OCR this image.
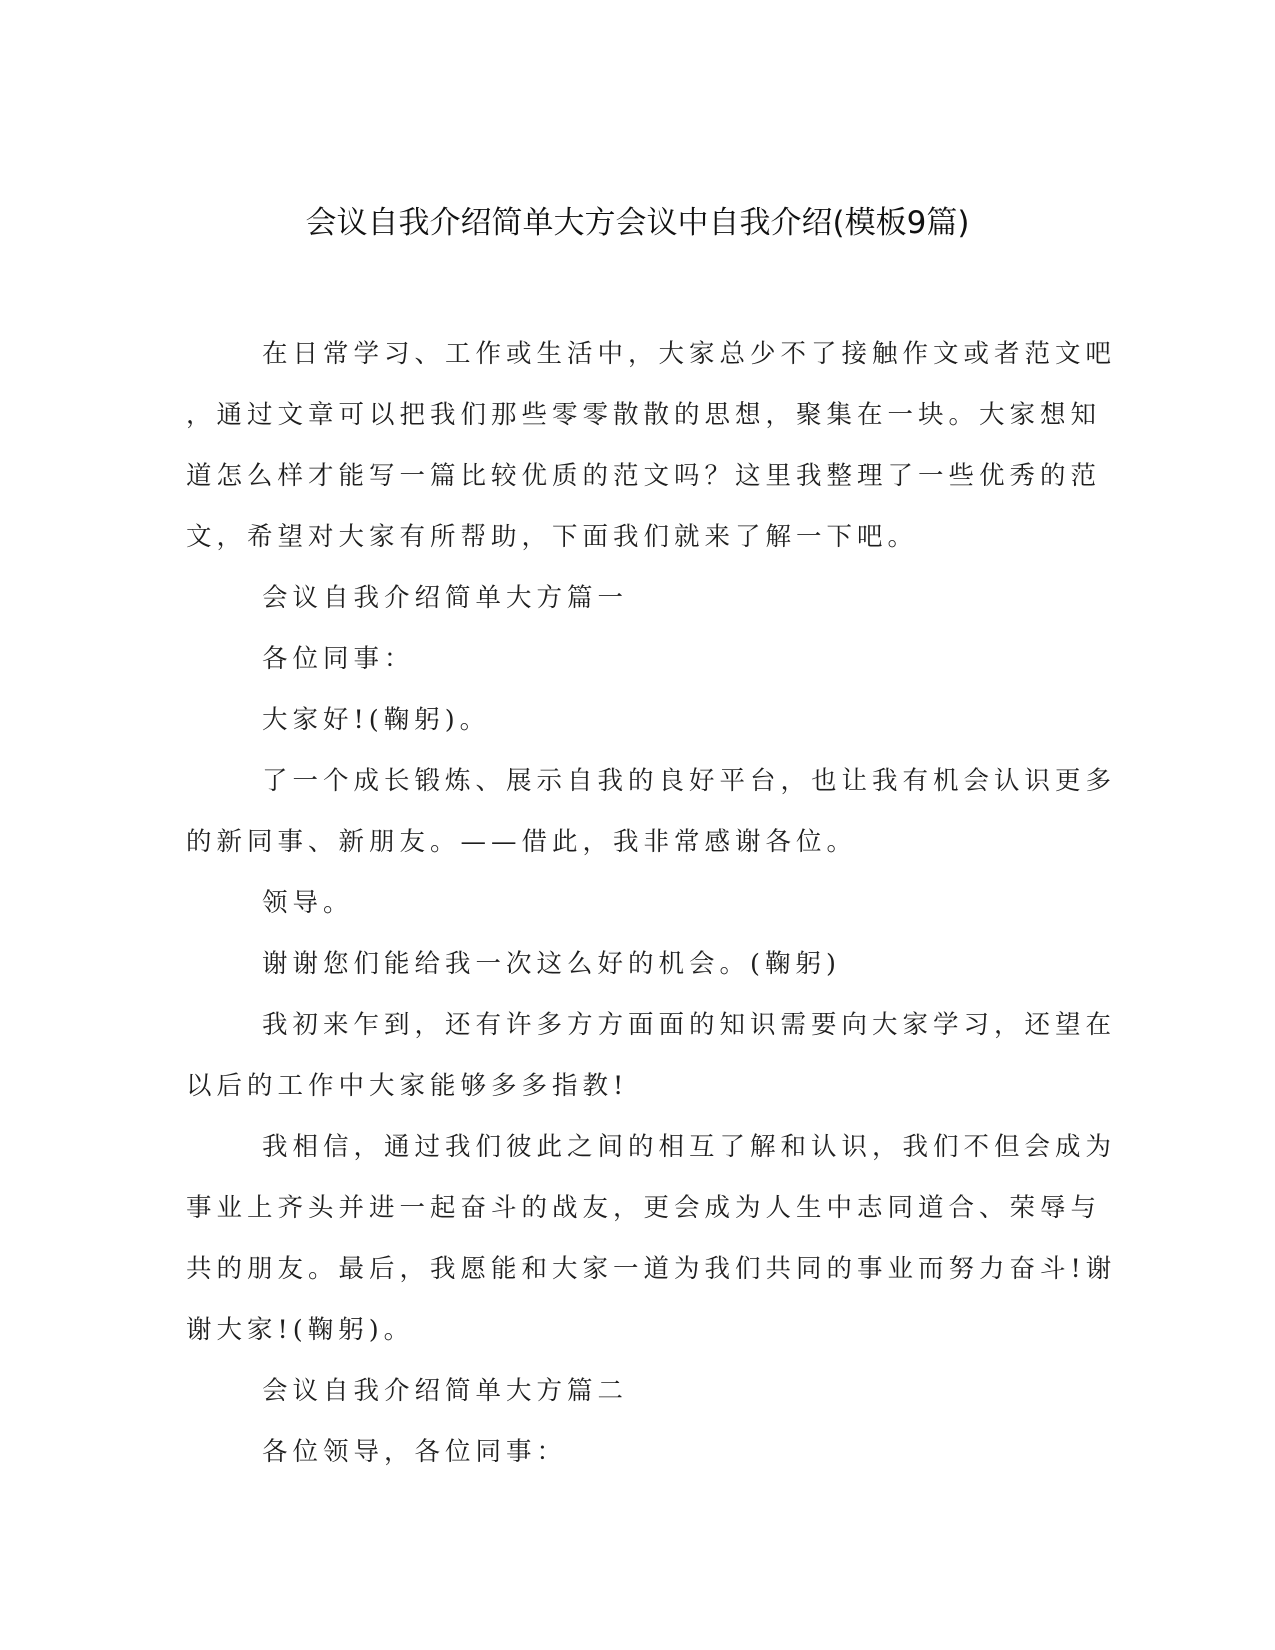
会议自我介绍简单大方会议中自我介绍(模板9篇)
在日常学习、工作或生活中，大家总少不了接触作文或者范文吧
，通过文章可以把我们那些零零散散的思想，聚集在一块。大家想知
道怎么样才能写一篇比较优质的范文吗？这里我整理了一些优秀的范
文，希望对大家有所帮助，下面我们就来了解一下吧。
会议自我介绍简单大方篇一
各位同事：
大家好!(鞠躬)。
了一个成长锻炼、展示自我的良好平台，也让我有机会认识更多
的新同事、新朋友。——借此，我非常感谢各位。
领导。
谢谢您们能给我一次这么好的机会。(鞠躬)
我初来乍到，还有许多方方面面的知识需要向大家学习，还望在
以后的工作中大家能够多多指教!
我相信，通过我们彼此之间的相互了解和认识，我们不但会成为
事业上齐头并进一起奋斗的战友，更会成为人生中志同道合、荣辱与
共的朋友。最后，我愿能和大家一道为我们共同的事业而努力奋斗!谢
谢大家!(鞠躬)。
会议自我介绍简单大方篇二
各位领导，各位同事：
